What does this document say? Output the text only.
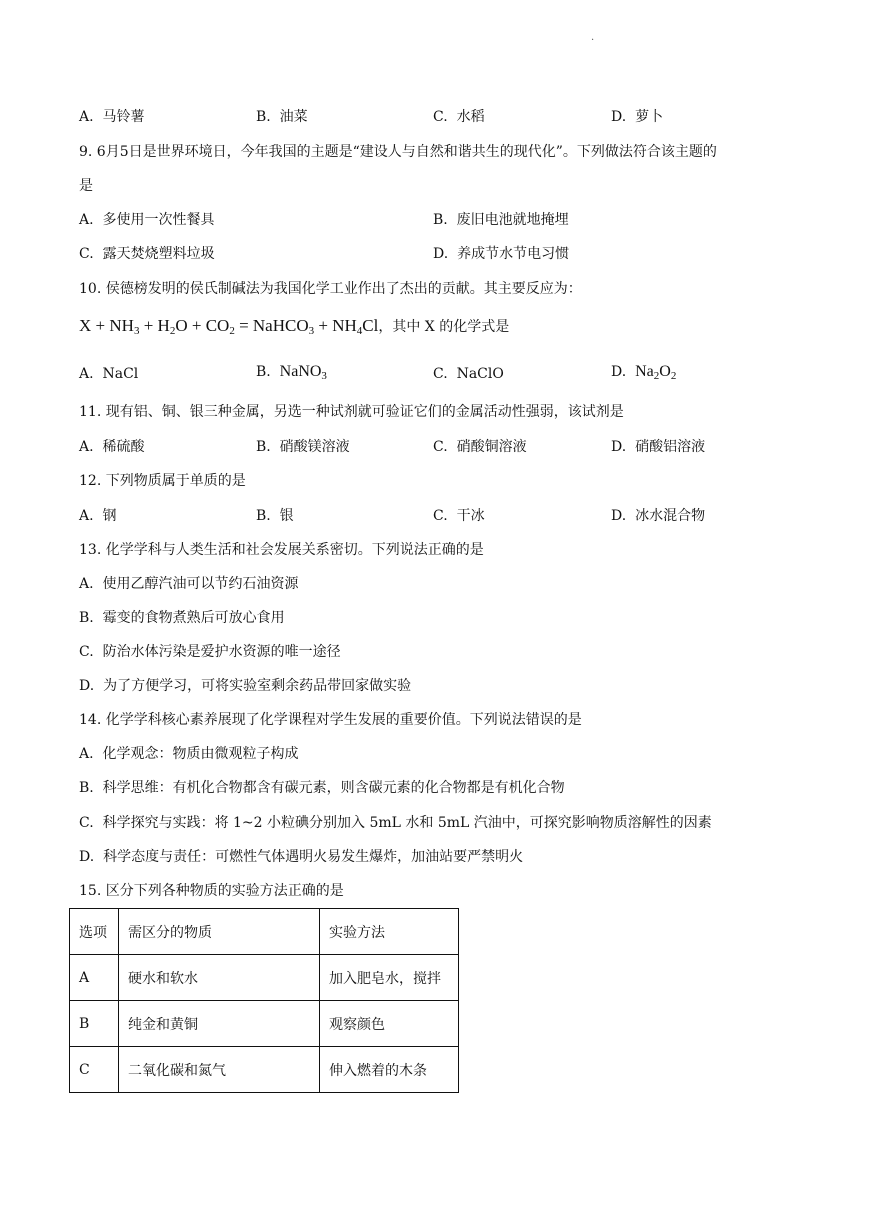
.
A. 马铃薯	B. 油菜	C. 水稻	D. 萝卜
9. 6月5日是世界环境日，今年我国的主题是“建设人与自然和谐共生的现代化”。下列做法符合该主题的
是
A. 多使用一次性餐具	B. 废旧电池就地掩埋
C. 露天焚烧塑料垃圾	D. 养成节水节电习惯
10. 侯德榜发明的侯氏制碱法为我国化学工业作出了杰出的贡献。其主要反应为：
$X + NH_3 + H_2O + CO_2$ = NaHCO$_3$ + $NH_4Cl$，其中 X 的化学式是
A. NaCl	B. NaNO$_3$	C. NaClO	D. $Na_2O_2$
11. 现有铝、铜、银三种金属，另选一种试剂就可验证它们的金属活动性强弱，该试剂是
A. 稀硫酸	B. 硝酸镁溶液	C. 硝酸铜溶液	D. 硝酸铝溶液
12. 下列物质属于单质的是
A. 钢	B. 银	C. 干冰	D. 冰水混合物
13. 化学学科与人类生活和社会发展关系密切。下列说法正确的是
A. 使用乙醇汽油可以节约石油资源
B. 霉变的食物煮熟后可放心食用
C. 防治水体污染是爱护水资源的唯一途径
D. 为了方便学习，可将实验室剩余药品带回家做实验
14. 化学学科核心素养展现了化学课程对学生发展的重要价值。下列说法错误的是
A. 化学观念：物质由微观粒子构成
B. 科学思维：有机化合物都含有碳元素，则含碳元素的化合物都是有机化合物
C. 科学探究与实践：将 1~2 小粒碘分别加入 5mL 水和 5mL 汽油中，可探究影响物质溶解性的因素
D. 科学态度与责任：可燃性气体遇明火易发生爆炸，加油站要严禁明火
15. 区分下列各种物质的实验方法正确的是
选项	需区分的物质	实验方法
A	硬水和软水	加入肥皂水，搅拌
B	纯金和黄铜	观察颜色
C	二氧化碳和氮气	伸入燃着的木条
